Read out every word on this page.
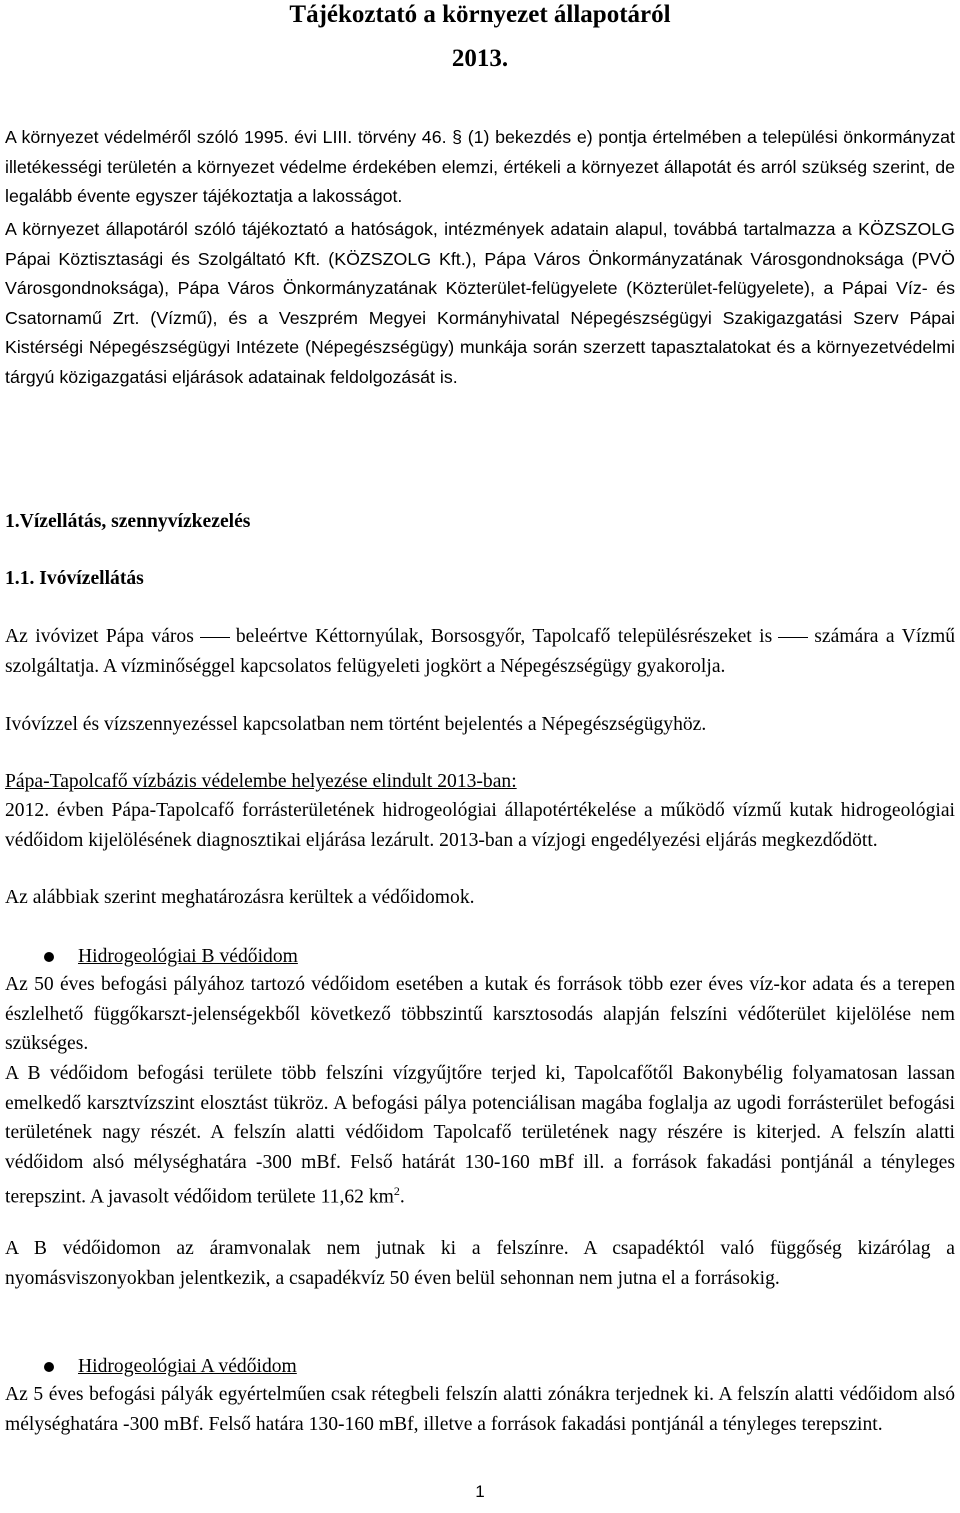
Tájékoztató a környezet állapotáról
2013.

A környezet védelméről szóló 1995. évi LIII. törvény 46. § (1) bekezdés e) pontja értelmében a települési önkormányzat illetékességi területén a környezet védelme érdekében elemzi, értékeli a környezet állapotát és arról szükség szerint, de legalább évente egyszer tájékoztatja a lakosságot.

A környezet állapotáról szóló tájékoztató a hatóságok, intézmények adatain alapul, továbbá tartalmazza a KÖZSZOLG Pápai Köztisztasági és Szolgáltató Kft. (KÖZSZOLG Kft.), Pápa Város Önkormányzatának Városgondnoksága (PVÖ Városgondnoksága), Pápa Város Önkormányzatának Közterület-felügyelete (Közterület-felügyelete), a Pápai Víz- és Csatornamű Zrt. (Vízmű), és a Veszprém Megyei Kormányhivatal Népegészségügyi Szakigazgatási Szerv Pápai Kistérségi Népegészségügyi Intézete (Népegészségügy) munkája során szerzett tapasztalatokat és a környezetvédelmi tárgyú közigazgatási eljárások adatainak feldolgozását is.

1.Vízellátás, szennyvízkezelés
1.1. Ivóvízellátás

Az ivóvizet Pápa város beleértve Kéttornyúlak, Borsosgyőr, Tapolcafő településrészeket is számára a Vízmű szolgáltatja. A vízminőséggel kapcsolatos felügyeleti jogkört a Népegészségügy gyakorolja.

Ivóvízzel és vízszennyezéssel kapcsolatban nem történt bejelentés a Népegészségügyhöz.

Pápa-Tapolcafő vízbázis védelembe helyezése elindult 2013-ban:

2012. évben Pápa-Tapolcafő forrásterületének hidrogeológiai állapotértékelése a működő vízmű kutak hidrogeológiai védőidom kijelölésének diagnosztikai eljárása lezárult. 2013-ban a vízjogi engedélyezési eljárás megkezdődött.

Az alábbiak szerint meghatározásra kerültek a védőidomok.

Hidrogeológiai B védőidom

Az 50 éves befogási pályához tartozó védőidom esetében a kutak és források több ezer éves víz-kor adata és a terepen észlelhető függőkarszt-jelenségekből következő többszintű karsztosodás alapján felszíni védőterület kijelölése nem szükséges.

A B védőidom befogási területe több felszíni vízgyűjtőre terjed ki, Tapolcafőtől Bakonybélig folyamatosan lassan emelkedő karsztvízszint elosztást tükröz. A befogási pálya potenciálisan magába foglalja az ugodi forrásterület befogási területének nagy részét. A felszín alatti védőidom Tapolcafő területének nagy részére is kiterjed. A felszín alatti védőidom alsó mélységhatára -300 mBf. Felső határát 130-160 mBf ill. a források fakadási pontjánál a tényleges terepszint. A javasolt védőidom területe 11,62 $km^2$.

A B védőidomon az áramvonalak nem jutnak ki a felszínre. A csapadéktól való függőség kizárólag a nyomásviszonyokban jelentkezik, a csapadékvíz 50 éven belül sehonnan nem jutna el a forrásokig.

Hidrogeológiai A védőidom

Az 5 éves befogási pályák egyértelműen csak rétegbeli felszín alatti zónákra terjednek ki. A felszín alatti védőidom alsó mélységhatára -300 mBf. Felső határa 130-160 mBf, illetve a források fakadási pontjánál a tényleges terepszint.

1
